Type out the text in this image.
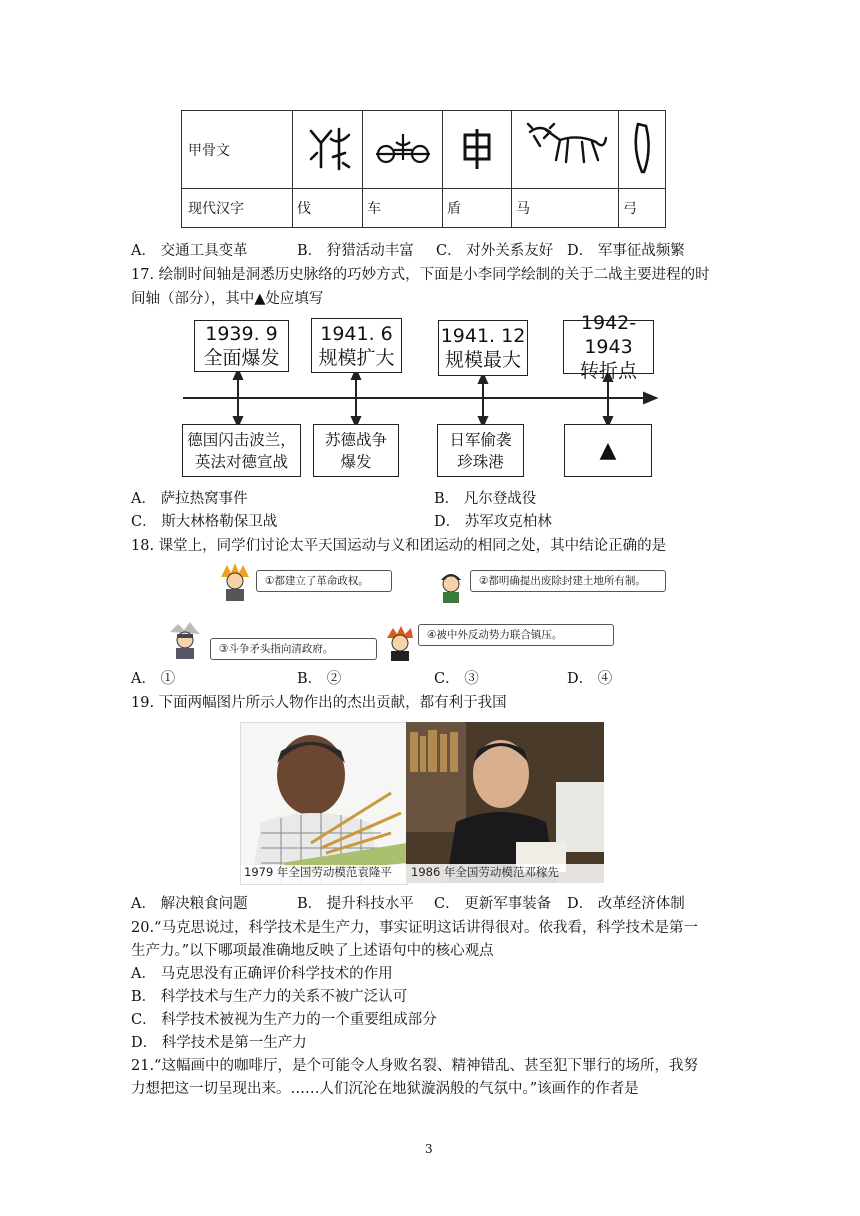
甲骨文					
现代汉字	伐	车	盾	马	弓
A． 交通工具变革	B． 狩猎活动丰富 C． 对外关系友好 D． 军事征战频繁
17. 绘制时间轴是洞悉历史脉络的巧妙方式，下面是小李同学绘制的关于二战主要进程的时
间轴（部分），其中▲处应填写
1939. 9
全面爆发
1941. 6
规模扩大
1941. 12
规模最大
1942-1943
转折点
德国闪击波兰，
英法对德宣战
苏德战争
爆发
日军偷袭
珍珠港	▲
A． 萨拉热窝事件	B． 凡尔登战役
C． 斯大林格勒保卫战	D． 苏军攻克柏林
18. 课堂上，同学们讨论太平天国运动与义和团运动的相同之处，其中结论正确的是
①都建立了革命政权。	②都明确提出废除封建土地所有制。
③斗争矛头指向清政府。
④被中外反动势力联合镇压。
A． ①	B． ②	C． ③	D． ④
19. 下面两幅图片所示人物作出的杰出贡献，都有利于我国
1979 年全国劳动模范袁隆平 1986 年全国劳动模范邓稼先
A． 解决粮食问题	B． 提升科技水平 C． 更新军事装备 D． 改革经济体制
20.“马克思说过，科学技术是生产力，事实证明这话讲得很对。依我看，科学技术是第一
生产力。”以下哪项最准确地反映了上述语句中的核心观点
A． 马克思没有正确评价科学技术的作用
B． 科学技术与生产力的关系不被广泛认可
C． 科学技术被视为生产力的一个重要组成部分
D． 科学技术是第一生产力
21.“这幅画中的咖啡厅，是个可能令人身败名裂、精神错乱、甚至犯下罪行的场所，我努
力想把这一切呈现出来。……人们沉沦在地狱漩涡般的气氛中。”该画作的作者是
3
